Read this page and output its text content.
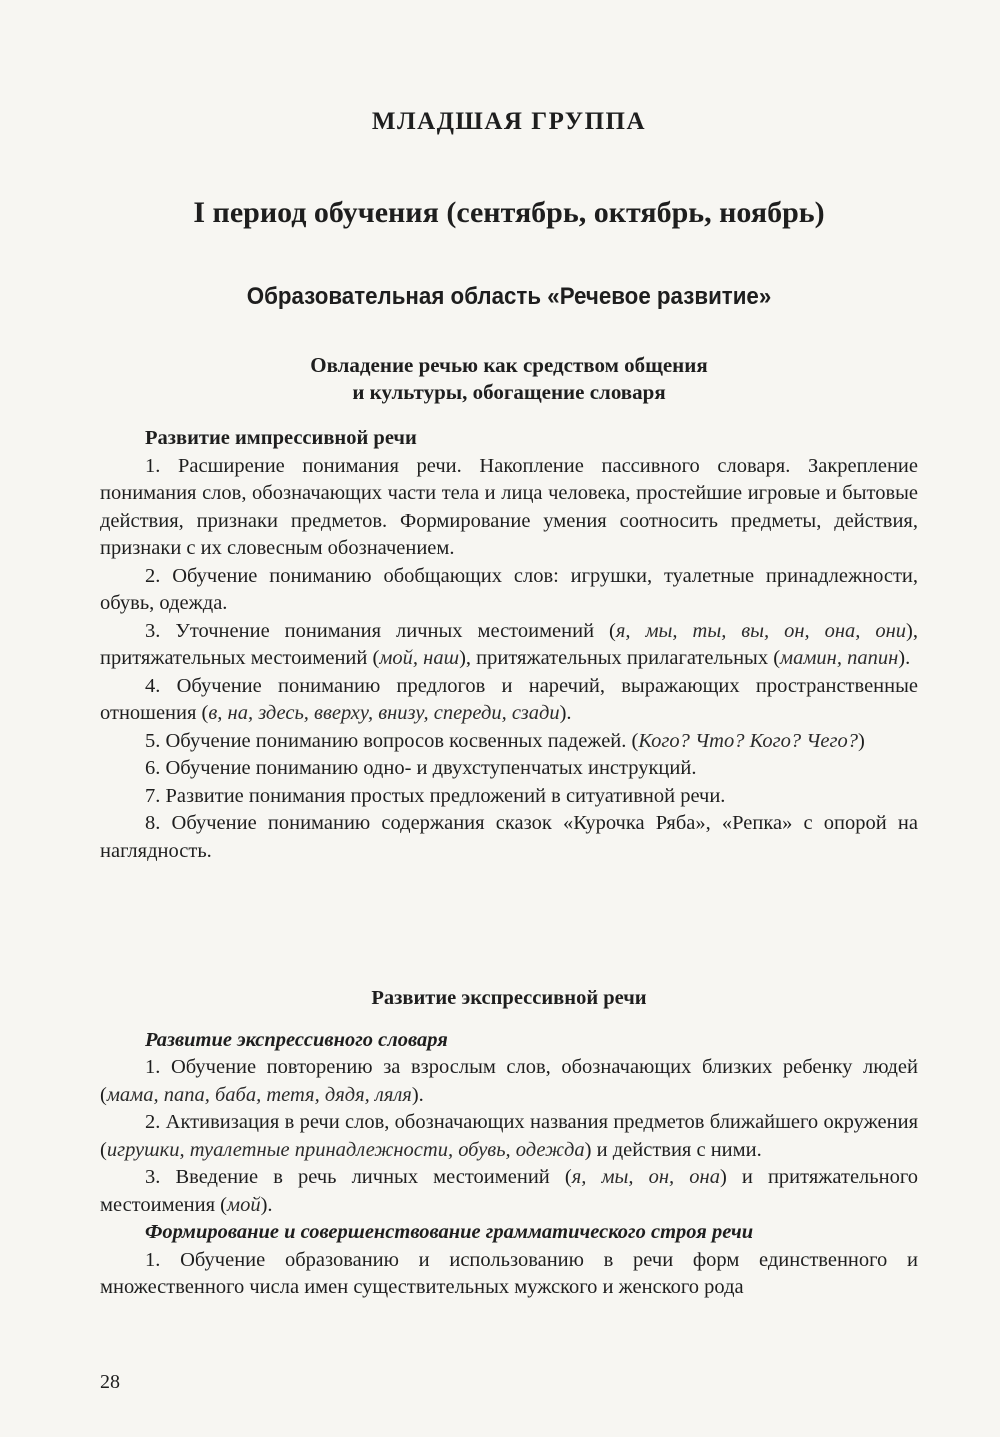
МЛАДШАЯ ГРУППА
I период обучения (сентябрь, октябрь, ноябрь)
Образовательная область «Речевое развитие»
Овладение речью как средством общения
и культуры, обогащение словаря

Развитие импрессивной речи

1. Расширение понимания речи. Накопление пассивного словаря. Закрепление понимания слов, обозначающих части тела и лица человека, простейшие игровые и бытовые действия, признаки предметов. Формирование умения соотносить предметы, действия, признаки с их словесным обозначением.

2. Обучение пониманию обобщающих слов: игрушки, туалетные принадлежности, обувь, одежда.

3. Уточнение понимания личных местоимений (я, мы, ты, вы, он, она, они), притяжательных местоимений (мой, наш), притяжательных прилагательных (мамин, папин).

4. Обучение пониманию предлогов и наречий, выражающих пространственные отношения (в, на, здесь, вверху, внизу, спереди, сзади).

5. Обучение пониманию вопросов косвенных падежей. (Кого? Что? Кого? Чего?)

6. Обучение пониманию одно- и двухступенчатых инструкций.

7. Развитие понимания простых предложений в ситуативной речи.

8. Обучение пониманию содержания сказок «Курочка Ряба», «Репка» с опорой на наглядность.

Развитие экспрессивной речи

Развитие экспрессивного словаря

1. Обучение повторению за взрослым слов, обозначающих близких ребенку людей (мама, папа, баба, тетя, дядя, ляля).

2. Активизация в речи слов, обозначающих названия предметов ближайшего окружения (игрушки, туалетные принадлежности, обувь, одежда) и действия с ними.

3. Введение в речь личных местоимений (я, мы, он, она) и притяжательного местоимения (мой).

Формирование и совершенствование грамматического строя речи

1. Обучение образованию и использованию в речи форм единственного и множественного числа имен существительных мужского и женского рода

28
